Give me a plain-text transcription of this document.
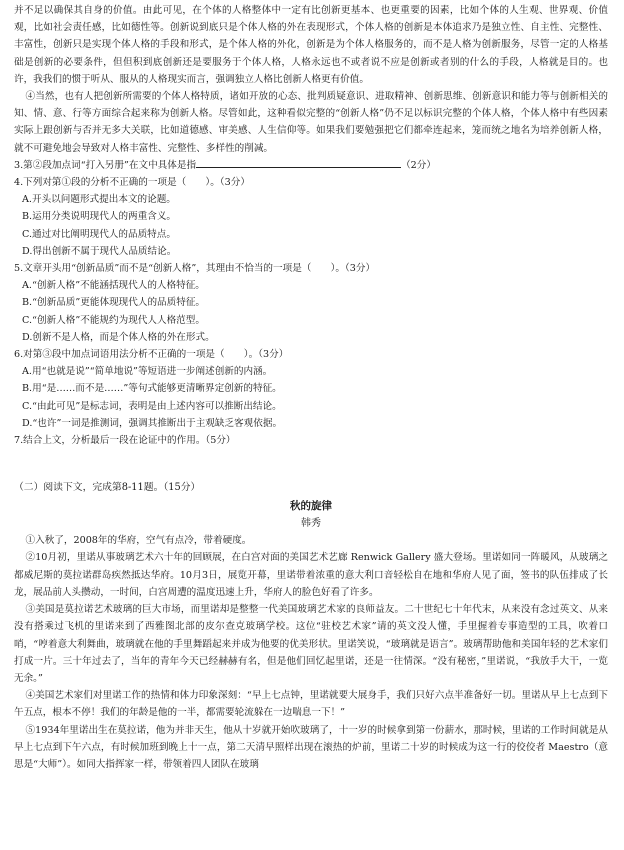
并不足以确保其自身的价值。由此可见，在个体的人格整体中一定有比创新更基本、也更重要的因素，比如个体的人生观、世界观、价值观，比如社会责任感，比如德性等。创新说到底只是个体人格的外在表现形式，个体人格的创新是本体追求乃是独立性、自主性、完整性、丰富性，创新只是实现个体人格的手段和形式，是个体人格的外化，创新是为个体人格服务的，而不是人格为创新服务，尽管一定的人格基础是创新的必要条件，但但积到底创新还是要服务于个体人格，人格永远也不或者说不应是创新或者别的什么的手段，人格就是目的。也许，我我们的惯于听从、服从的人格现实而言，强调独立人格比创新人格更有价值。

④当然，也有人把创新所需要的个体人格特质，诸如开放的心态、批判质疑意识、进取精神、创新思维、创新意识和能力等与创新相关的知、情、意、行等方面综合起来称为创新人格。尽管如此，这种看似完整的“创新人格”仍不足以标识完整的个体人格，个体人格中有些因素实际上跟创新与否并无多大关联，比如道德感、审美感、人生信仰等。如果我们要勉强把它们都牵连起来，笼而统之地名为培养创新人格，就不可避免地会导致对人格丰富性、完整性、多样性的削减。

3.第②段加点词“打入另册”在文中具体是指	（2分）
4.下列对第①段的分析不正确的一项是（　　）。（3分）
A.开头以问题形式提出本文的论题。
B.运用分类说明现代人的两重含义。
C.通过对比阐明现代人的品质特点。
D.得出创新不属于现代人品质结论。
5.文章开头用“创新品质”而不是“创新人格”，其理由不恰当的一项是（　　）。（3分）
A.“创新人格”不能涵括现代人的人格特征。
B.“创新品质”更能体现现代人的品质特征。
C.“创新人格”不能规约为现代人人格范型。
D.创新不是人格，而是个体人格的外在形式。
6.对第③段中加点词语用法分析不正确的一项是（　　）。（3分）
A.用“也就是说”“简单地说”等短语进一步阐述创新的内涵。
B.用“是……而不是……”等句式能够更清晰界定创新的特征。
C.“由此可见”是标志词，表明是由上述内容可以推断出结论。
D.“也许”一词是推测词，强调其推断出于主观缺乏客观依据。
7.结合上文，分析最后一段在论证中的作用。（5分）
（二）阅读下文，完成第8-11题。（15分）
秋的旋律
韩秀

①入秋了，2008年的华府，空气有点冷，带着硬度。

②10月初，里诺从事玻璃艺术六十年的回顾展，在白宫对面的美国艺术艺廊 Renwick Gallery 盛大登场。里诺如同一阵暖风，从玻璃之都威尼斯的莫拉诺群岛疾然抵达华府。10月3日，展览开幕，里诺带着浓重的意大利口音轻松自在地和华府人见了面，签书的队伍排成了长龙，展品前人头攒动，一时间，白宫周遭的温度迅速上升，华府人的脸色好看了许多。

③美国是莫拉诺艺术玻璃的巨大市场，而里诺却是整整一代美国玻璃艺术家的良师益友。二十世纪七十年代末，从来没有念过英文、从来没有搭乘过飞机的里诺来到了西雅图北部的皮尔查克玻璃学校。这位“驻校艺术家”请的英文没人懂，手里握着专事造型的工具，吹着口哨，“哼着意大利舞曲，玻璃就在他的手里舞蹈起来并成为他要的优美形状。里诺笑说，“玻璃就是语言”。玻璃帮助他和美国年轻的艺术家们打成一片。三十年过去了，当年的青年今天已经赫赫有名，但是他们回忆起里诺，还是一往情深。“没有秘密，”里诺说，“我放手大干，一览无余。”

④美国艺术家们对里诺工作的热情和体力印象深刻：“早上七点钟，里诺就要大展身手，我们只好六点半准备好一切。里诺从早上七点到下午五点，根本不停！我们的年龄是他的一半，都需要轮流躲在一边喘息一下！”

⑤1934年里诺出生在莫拉诺，他为并非天生，他从十岁就开始吹玻璃了，十一岁的时候拿到第一份薪水，那时候，里诺的工作时间就是从早上七点到下午六点，有时候加班到晚上十一点，第二天清早照样出现在滚热的炉前，里诺二十岁的时候成为这一行的佼佼者 Maestro（意思是“大师”）。如同大指挥家一样，带领着四人团队在玻璃
